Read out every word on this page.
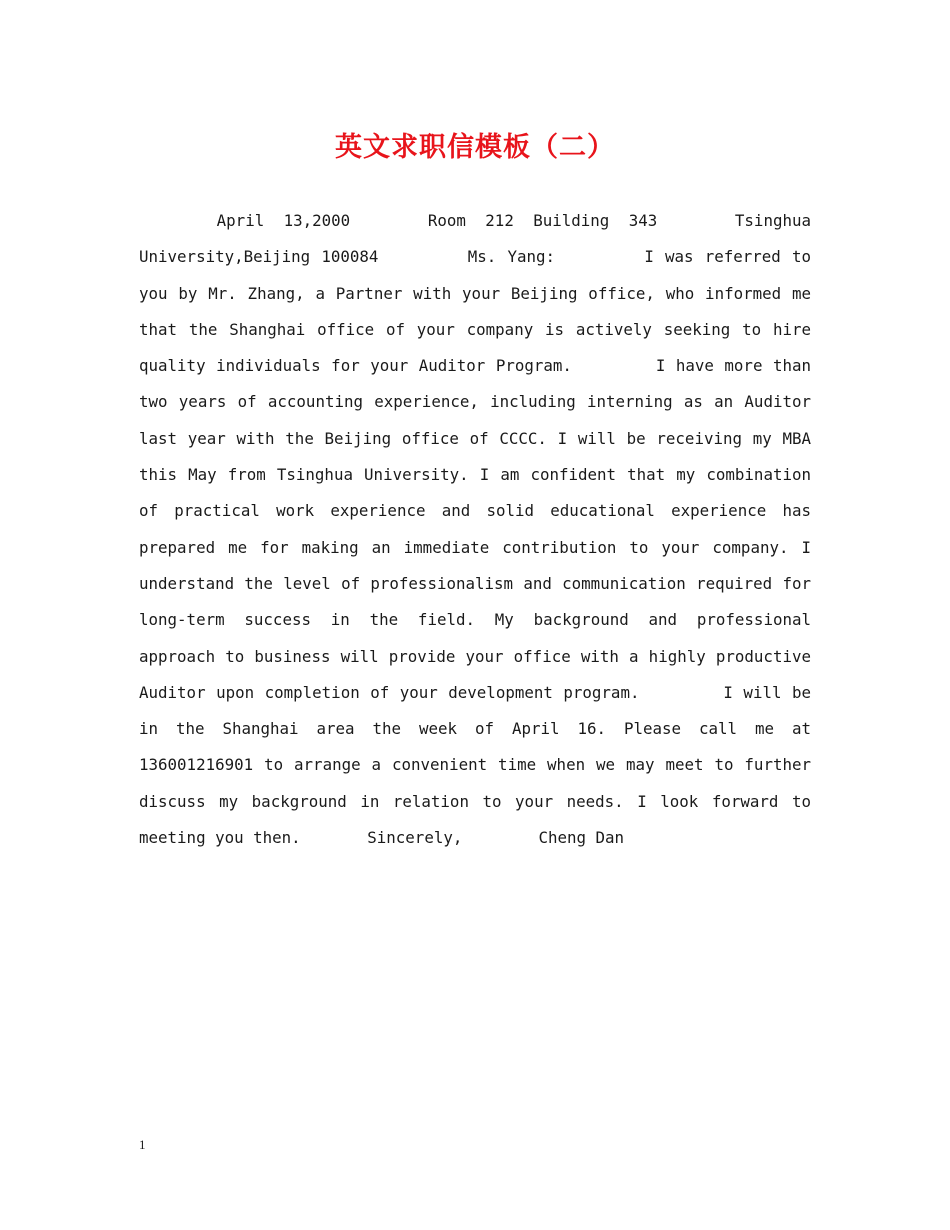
英文求职信模板（二）
April  13,2000        Room  212  Building  343        Tsinghua University,Beijing 100084        Ms. Yang:        I was referred to you by Mr. Zhang, a Partner with your Beijing office, who informed me that the Shanghai office of your company is actively seeking to hire quality individuals for your Auditor Program.        I have more than two years of accounting experience, including interning as an Auditor last year with the Beijing office of CCCC. I will be receiving my MBA this May from Tsinghua University. I am confident that my combination of practical work experience and solid educational experience has prepared me for making an immediate contribution to your company. I understand the level of professionalism and communication required for long-term success in the field. My background and professional approach to business will provide your office with a highly productive Auditor upon completion of your development program.        I will be in the Shanghai area the week of April 16. Please call me at 136001216901 to arrange a convenient time when we may meet to further discuss my background in relation to your needs. I look forward to meeting you then.       Sincerely,        Cheng Dan
1
